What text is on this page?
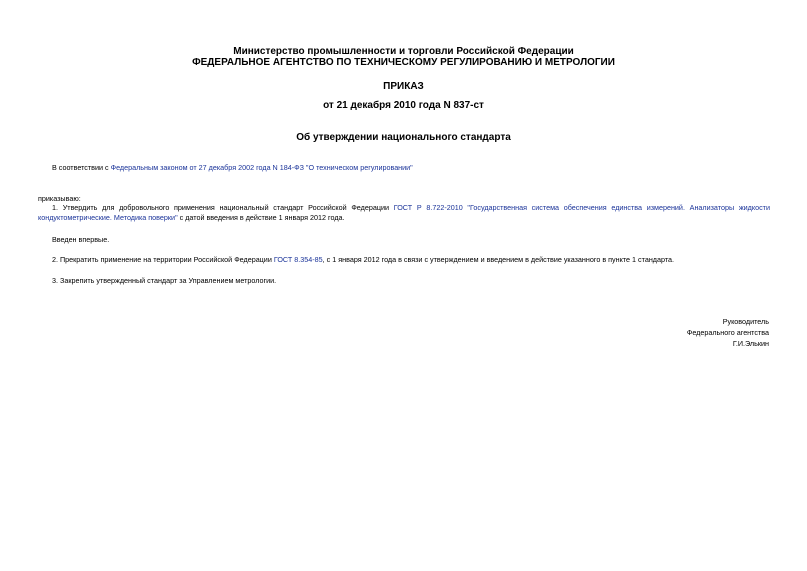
Министерство промышленности и торговли Российской Федерации
ФЕДЕРАЛЬНОЕ АГЕНТСТВО ПО ТЕХНИЧЕСКОМУ РЕГУЛИРОВАНИЮ И МЕТРОЛОГИИ
ПРИКАЗ
от 21 декабря 2010 года N 837-ст
Об утверждении национального стандарта
В соответствии с Федеральным законом от 27 декабря 2002 года N 184-ФЗ "О техническом регулировании"
приказываю:
1. Утвердить для добровольного применения национальный стандарт Российской Федерации ГОСТ Р 8.722-2010 "Государственная система обеспечения единства измерений. Анализаторы жидкости кондуктометрические. Методика поверки" с датой введения в действие 1 января 2012 года.
Введен впервые.
2. Прекратить применение на территории Российской Федерации ГОСТ 8.354-85, с 1 января 2012 года в связи с утверждением и введением в действие указанного в пункте 1 стандарта.
3. Закрепить утвержденный стандарт за Управлением метрологии.
Руководитель
Федерального агентства
Г.И.Элькин
